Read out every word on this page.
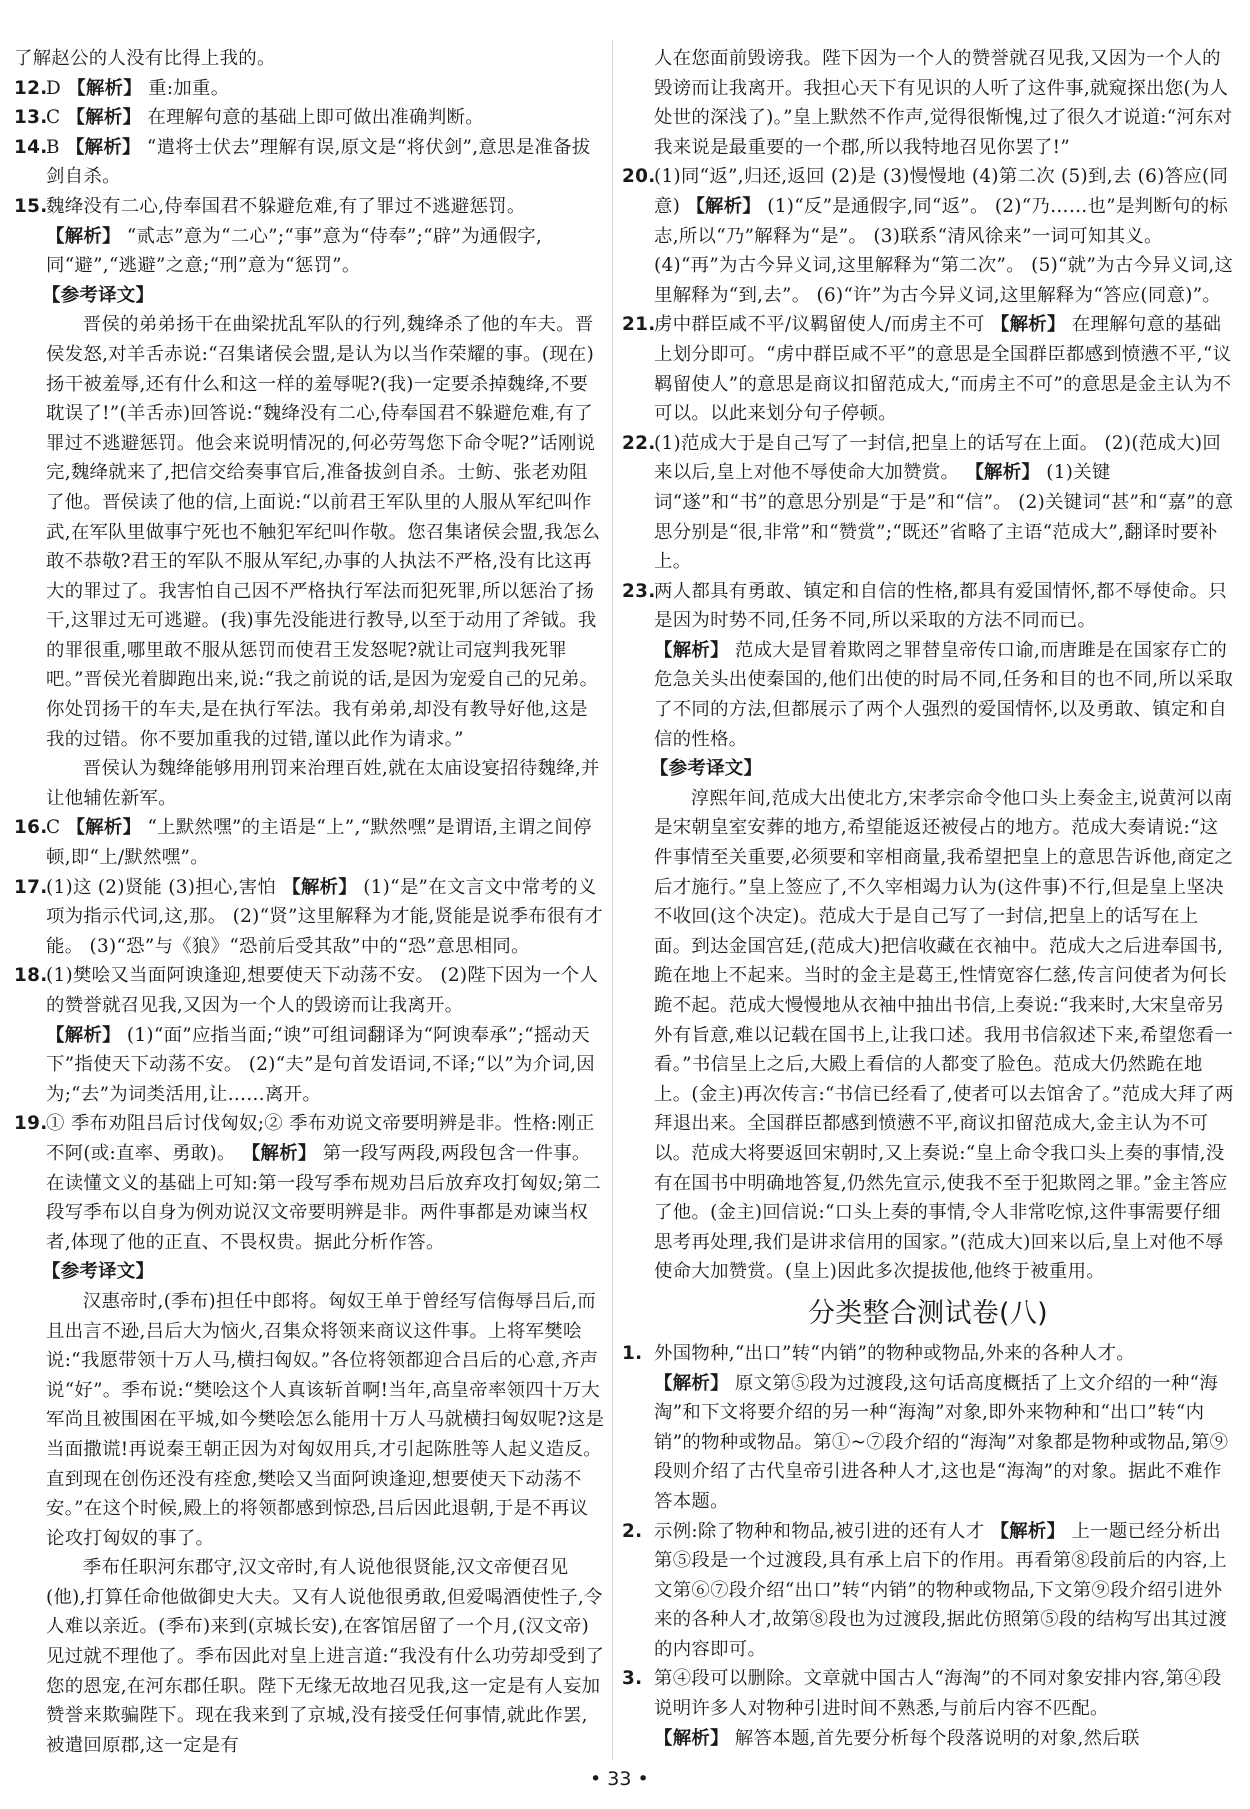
了解赵公的人没有比得上我的。

12.D 【解析】 重:加重。

13.C 【解析】 在理解句意的基础上即可做出准确判断。

14.B 【解析】 “遣将士伏去”理解有误,原文是“将伏剑”,意思是准备拔剑自杀。

15.魏绛没有二心,侍奉国君不躲避危难,有了罪过不逃避惩罚。

【解析】 “贰志”意为“二心”;“事”意为“侍奉”;“辟”为通假字,同“避”,“逃避”之意;“刑”意为“惩罚”。

【参考译文】

晋侯的弟弟扬干在曲梁扰乱军队的行列,魏绛杀了他的车夫。晋侯发怒,对羊舌赤说:“召集诸侯会盟,是认为以当作荣耀的事。(现在)扬干被羞辱,还有什么和这一样的羞辱呢?(我)一定要杀掉魏绛,不要耽误了!”(羊舌赤)回答说:“魏绛没有二心,侍奉国君不躲避危难,有了罪过不逃避惩罚。他会来说明情况的,何必劳驾您下命令呢?”话刚说完,魏绛就来了,把信交给奏事官后,准备拔剑自杀。士鲂、张老劝阻了他。晋侯读了他的信,上面说:“以前君王军队里的人服从军纪叫作武,在军队里做事宁死也不触犯军纪叫作敬。您召集诸侯会盟,我怎么敢不恭敬?君王的军队不服从军纪,办事的人执法不严格,没有比这再大的罪过了。我害怕自己因不严格执行军法而犯死罪,所以惩治了扬干,这罪过无可逃避。(我)事先没能进行教导,以至于动用了斧钺。我的罪很重,哪里敢不服从惩罚而使君王发怒呢?就让司寇判我死罪吧。”晋侯光着脚跑出来,说:“我之前说的话,是因为宠爱自己的兄弟。你处罚扬干的车夫,是在执行军法。我有弟弟,却没有教导好他,这是我的过错。你不要加重我的过错,谨以此作为请求。”

晋侯认为魏绛能够用刑罚来治理百姓,就在太庙设宴招待魏绛,并让他辅佐新军。

16.C 【解析】 “上默然嘿”的主语是“上”,“默然嘿”是谓语,主谓之间停顿,即“上/默然嘿”。

17.(1)这 (2)贤能 (3)担心,害怕 【解析】 (1)“是”在文言文中常考的义项为指示代词,这,那。 (2)“贤”这里解释为才能,贤能是说季布很有才能。 (3)“恐”与《狼》“恐前后受其敌”中的“恐”意思相同。

18.(1)樊哙又当面阿谀逢迎,想要使天下动荡不安。 (2)陛下因为一个人的赞誉就召见我,又因为一个人的毁谤而让我离开。

【解析】 (1)“面”应指当面;“谀”可组词翻译为“阿谀奉承”;“摇动天下”指使天下动荡不安。 (2)“夫”是句首发语词,不译;“以”为介词,因为;“去”为词类活用,让……离开。

19.① 季布劝阻吕后讨伐匈奴;② 季布劝说文帝要明辨是非。性格:刚正不阿(或:直率、勇敢)。 【解析】 第一段写两段,两段包含一件事。在读懂文义的基础上可知:第一段写季布规劝吕后放弃攻打匈奴;第二段写季布以自身为例劝说汉文帝要明辨是非。两件事都是劝谏当权者,体现了他的正直、不畏权贵。据此分析作答。

【参考译文】

汉惠帝时,(季布)担任中郎将。匈奴王单于曾经写信侮辱吕后,而且出言不逊,吕后大为恼火,召集众将领来商议这件事。上将军樊哙说:“我愿带领十万人马,横扫匈奴。”各位将领都迎合吕后的心意,齐声说“好”。季布说:“樊哙这个人真该斩首啊!当年,高皇帝率领四十万大军尚且被围困在平城,如今樊哙怎么能用十万人马就横扫匈奴呢?这是当面撒谎!再说秦王朝正因为对匈奴用兵,才引起陈胜等人起义造反。直到现在创伤还没有痊愈,樊哙又当面阿谀逢迎,想要使天下动荡不安。”在这个时候,殿上的将领都感到惊恐,吕后因此退朝,于是不再议论攻打匈奴的事了。

季布任职河东郡守,汉文帝时,有人说他很贤能,汉文帝便召见(他),打算任命他做御史大夫。又有人说他很勇敢,但爱喝酒使性子,令人难以亲近。(季布)来到(京城长安),在客馆居留了一个月,(汉文帝)见过就不理他了。季布因此对皇上进言道:“我没有什么功劳却受到了您的恩宠,在河东郡任职。陛下无缘无故地召见我,这一定是有人妄加赞誉来欺骗陛下。现在我来到了京城,没有接受任何事情,就此作罢,被遣回原郡,这一定是有

人在您面前毁谤我。陛下因为一个人的赞誉就召见我,又因为一个人的毁谤而让我离开。我担心天下有见识的人听了这件事,就窥探出您(为人处世的深浅了)。”皇上默然不作声,觉得很惭愧,过了很久才说道:“河东对我来说是最重要的一个郡,所以我特地召见你罢了!”

20.(1)同“返”,归还,返回 (2)是 (3)慢慢地 (4)第二次 (5)到,去 (6)答应(同意) 【解析】 (1)“反”是通假字,同“返”。 (2)“乃……也”是判断句的标志,所以“乃”解释为“是”。 (3)联系“清风徐来”一词可知其义。 (4)“再”为古今异义词,这里解释为“第二次”。 (5)“就”为古今异义词,这里解释为“到,去”。 (6)“许”为古今异义词,这里解释为“答应(同意)”。

21.虏中群臣咸不平/议羁留使人/而虏主不可 【解析】 在理解句意的基础上划分即可。“虏中群臣咸不平”的意思是全国群臣都感到愤懑不平,“议羁留使人”的意思是商议扣留范成大,“而虏主不可”的意思是金主认为不可以。以此来划分句子停顿。

22.(1)范成大于是自己写了一封信,把皇上的话写在上面。 (2)(范成大)回来以后,皇上对他不辱使命大加赞赏。 【解析】 (1)关键词“遂”和“书”的意思分别是“于是”和“信”。 (2)关键词“甚”和“嘉”的意思分别是“很,非常”和“赞赏”;“既还”省略了主语“范成大”,翻译时要补上。

23.两人都具有勇敢、镇定和自信的性格,都具有爱国情怀,都不辱使命。只是因为时势不同,任务不同,所以采取的方法不同而已。

【解析】 范成大是冒着欺罔之罪替皇帝传口谕,而唐雎是在国家存亡的危急关头出使秦国的,他们出使的时局不同,任务和目的也不同,所以采取了不同的方法,但都展示了两个人强烈的爱国情怀,以及勇敢、镇定和自信的性格。

【参考译文】

淳熙年间,范成大出使北方,宋孝宗命令他口头上奏金主,说黄河以南是宋朝皇室安葬的地方,希望能返还被侵占的地方。范成大奏请说:“这件事情至关重要,必须要和宰相商量,我希望把皇上的意思告诉他,商定之后才施行。”皇上签应了,不久宰相竭力认为(这件事)不行,但是皇上坚决不收回(这个决定)。范成大于是自己写了一封信,把皇上的话写在上面。到达金国宫廷,(范成大)把信收藏在衣袖中。范成大之后进奉国书,跪在地上不起来。当时的金主是葛王,性情宽容仁慈,传言问使者为何长跪不起。范成大慢慢地从衣袖中抽出书信,上奏说:“我来时,大宋皇帝另外有旨意,难以记载在国书上,让我口述。我用书信叙述下来,希望您看一看。”书信呈上之后,大殿上看信的人都变了脸色。范成大仍然跪在地上。(金主)再次传言:“书信已经看了,使者可以去馆舍了。”范成大拜了两拜退出来。全国群臣都感到愤懑不平,商议扣留范成大,金主认为不可以。范成大将要返回宋朝时,又上奏说:“皇上命令我口头上奏的事情,没有在国书中明确地答复,仍然先宣示,使我不至于犯欺罔之罪。”金主答应了他。(金主)回信说:“口头上奏的事情,令人非常吃惊,这件事需要仔细思考再处理,我们是讲求信用的国家。”(范成大)回来以后,皇上对他不辱使命大加赞赏。(皇上)因此多次提拔他,他终于被重用。

分类整合测试卷(八)

1. 外国物种,“出口”转“内销”的物种或物品,外来的各种人才。

【解析】 原文第⑤段为过渡段,这句话高度概括了上文介绍的一种“海淘”和下文将要介绍的另一种“海淘”对象,即外来物种和“出口”转“内销”的物种或物品。第①~⑦段介绍的“海淘”对象都是物种或物品,第⑨段则介绍了古代皇帝引进各种人才,这也是“海淘”的对象。据此不难作答本题。

2. 示例:除了物种和物品,被引进的还有人才 【解析】 上一题已经分析出第⑤段是一个过渡段,具有承上启下的作用。再看第⑧段前后的内容,上文第⑥⑦段介绍“出口”转“内销”的物种或物品,下文第⑨段介绍引进外来的各种人才,故第⑧段也为过渡段,据此仿照第⑤段的结构写出其过渡的内容即可。

3. 第④段可以删除。文章就中国古人“海淘”的不同对象安排内容,第④段说明许多人对物种引进时间不熟悉,与前后内容不匹配。

【解析】 解答本题,首先要分析每个段落说明的对象,然后联

• 33 •
